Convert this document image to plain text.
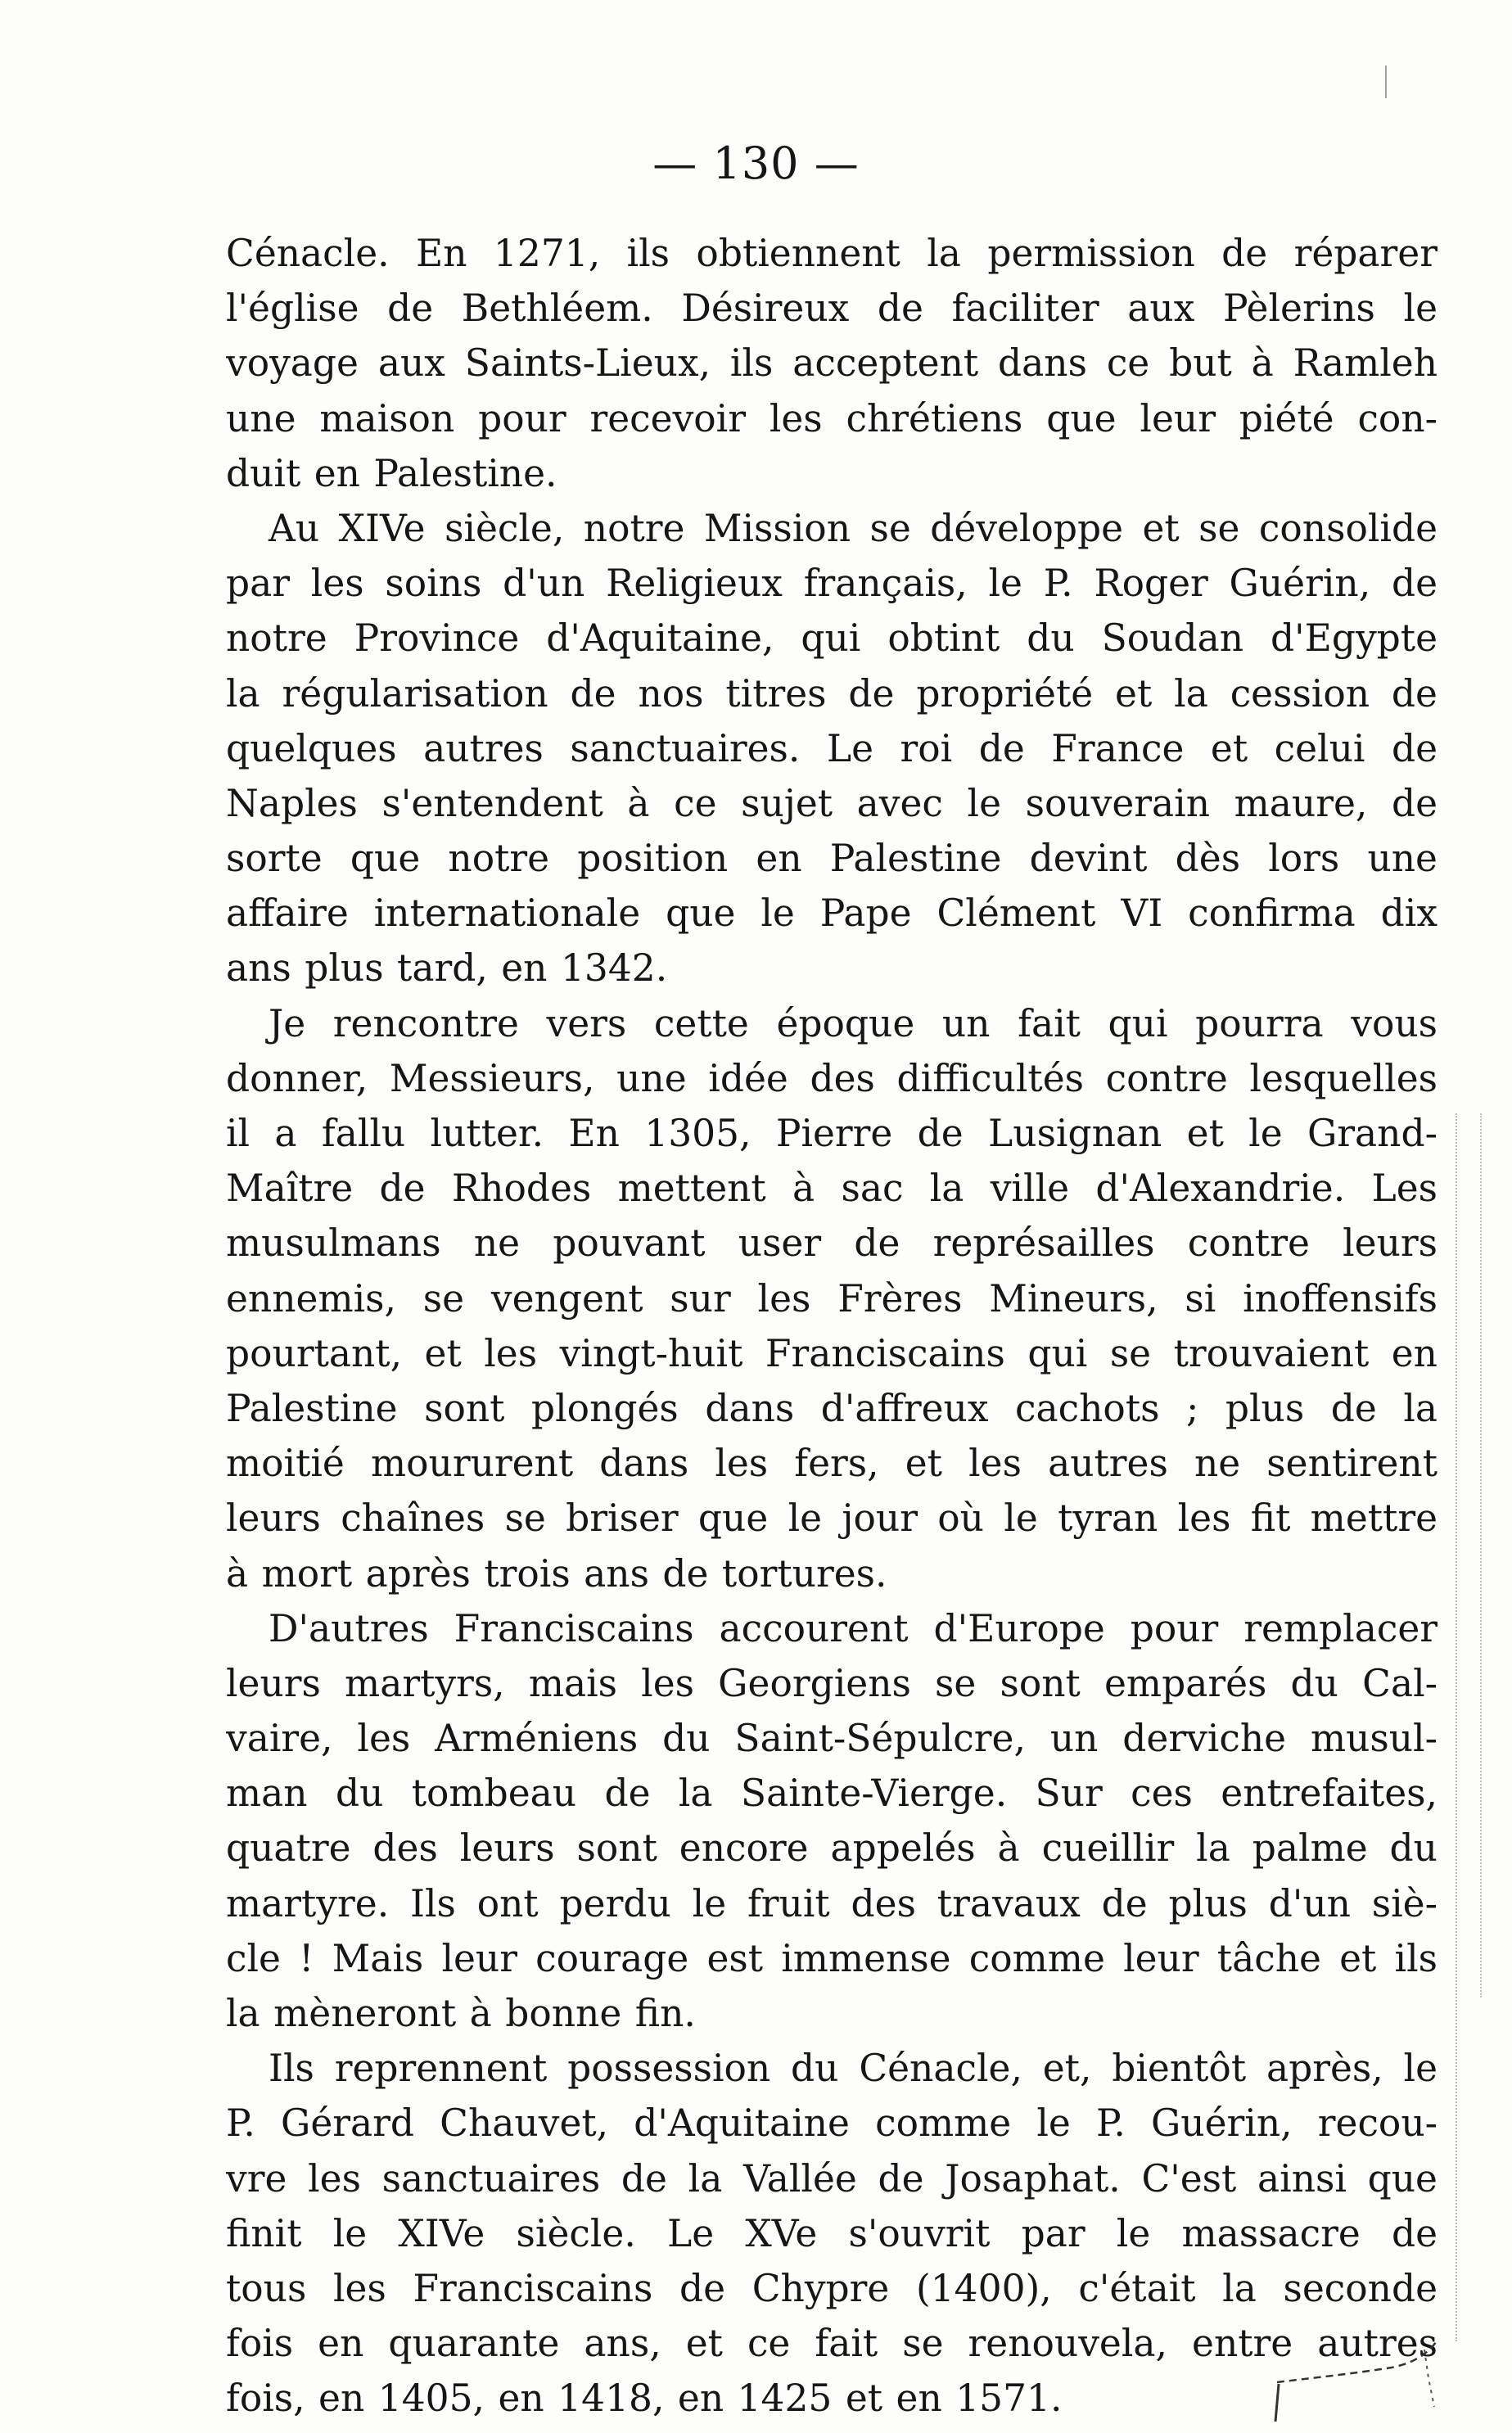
— 130 —

Cénacle. En 1271, ils obtiennent la permission de réparer
l'église de Bethléem. Désireux de faciliter aux Pèlerins le
voyage aux Saints-Lieux, ils acceptent dans ce but à Ramleh
une maison pour recevoir les chrétiens que leur piété con-
duit en Palestine.

Au XIVe siècle, notre Mission se développe et se consolide
par les soins d'un Religieux français, le P. Roger Guérin, de
notre Province d'Aquitaine, qui obtint du Soudan d'Egypte
la régularisation de nos titres de propriété et la cession de
quelques autres sanctuaires. Le roi de France et celui de
Naples s'entendent à ce sujet avec le souverain maure, de
sorte que notre position en Palestine devint dès lors une
affaire internationale que le Pape Clément VI confirma dix
ans plus tard, en 1342.

Je rencontre vers cette époque un fait qui pourra vous
donner, Messieurs, une idée des difficultés contre lesquelles
il a fallu lutter. En 1305, Pierre de Lusignan et le Grand-
Maître de Rhodes mettent à sac la ville d'Alexandrie. Les
musulmans ne pouvant user de représailles contre leurs
ennemis, se vengent sur les Frères Mineurs, si inoffensifs
pourtant, et les vingt-huit Franciscains qui se trouvaient en
Palestine sont plongés dans d'affreux cachots ; plus de la
moitié moururent dans les fers, et les autres ne sentirent
leurs chaînes se briser que le jour où le tyran les fit mettre
à mort après trois ans de tortures.

D'autres Franciscains accourent d'Europe pour remplacer
leurs martyrs, mais les Georgiens se sont emparés du Cal-
vaire, les Arméniens du Saint-Sépulcre, un derviche musul-
man du tombeau de la Sainte-Vierge. Sur ces entrefaites,
quatre des leurs sont encore appelés à cueillir la palme du
martyre. Ils ont perdu le fruit des travaux de plus d'un siè-
cle ! Mais leur courage est immense comme leur tâche et ils
la mèneront à bonne fin.

Ils reprennent possession du Cénacle, et, bientôt après, le
P. Gérard Chauvet, d'Aquitaine comme le P. Guérin, recou-
vre les sanctuaires de la Vallée de Josaphat. C'est ainsi que
finit le XIVe siècle. Le XVe s'ouvrit par le massacre de
tous les Franciscains de Chypre (1400), c'était la seconde
fois en quarante ans, et ce fait se renouvela, entre autres
fois, en 1405, en 1418, en 1425 et en 1571.
